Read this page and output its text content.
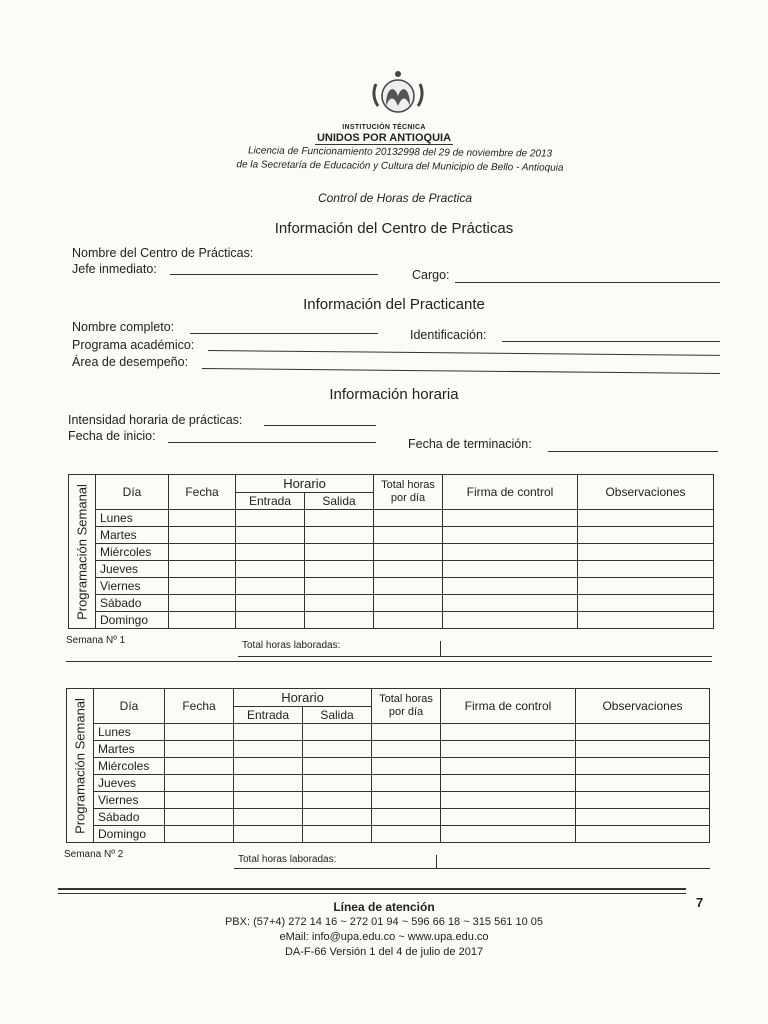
INSTITUCIÓN TÉCNICA
UNIDOS POR ANTIOQUIA
Licencia de Funcionamiento 20132998 del 29 de noviembre de 2013
de la Secretaría de Educación y Cultura del Municipio de Bello - Antioquia
Control de Horas de Practica
Información del Centro de Prácticas
Nombre del Centro de Prácticas:
Jefe inmediato:	Cargo:
Información del Practicante
Nombre completo:
Identificación:
Programa académico:
Área de desempeño:
Información horaria
Intensidad horaria de prácticas:
Fecha de inicio:
Fecha de terminación:
Programación Semanal	Día	Fecha	Horario		Total horas
por día	Firma de control	Observaciones
			Entrada	Salida			
	Lunes						
	Martes						
	Miércoles						
	Jueves						
	Viernes						
	Sábado						
	Domingo						
Semana Nº 1	Total horas laboradas:
Programación Semanal	Día	Fecha	Horario		Total horas
por día	Firma de control	Observaciones
			Entrada	Salida			
	Lunes						
	Martes						
	Miércoles						
	Jueves						
	Viernes						
	Sábado						
	Domingo						
Semana Nº 2	Total horas laboradas:
7
Línea de atención
PBX: (57+4) 272 14 16 ~ 272 01 94 ~ 596 66 18 ~ 315 561 10 05
eMail: info@upa.edu.co ~ www.upa.edu.co
DA-F-66 Versión 1 del 4 de julio de 2017
